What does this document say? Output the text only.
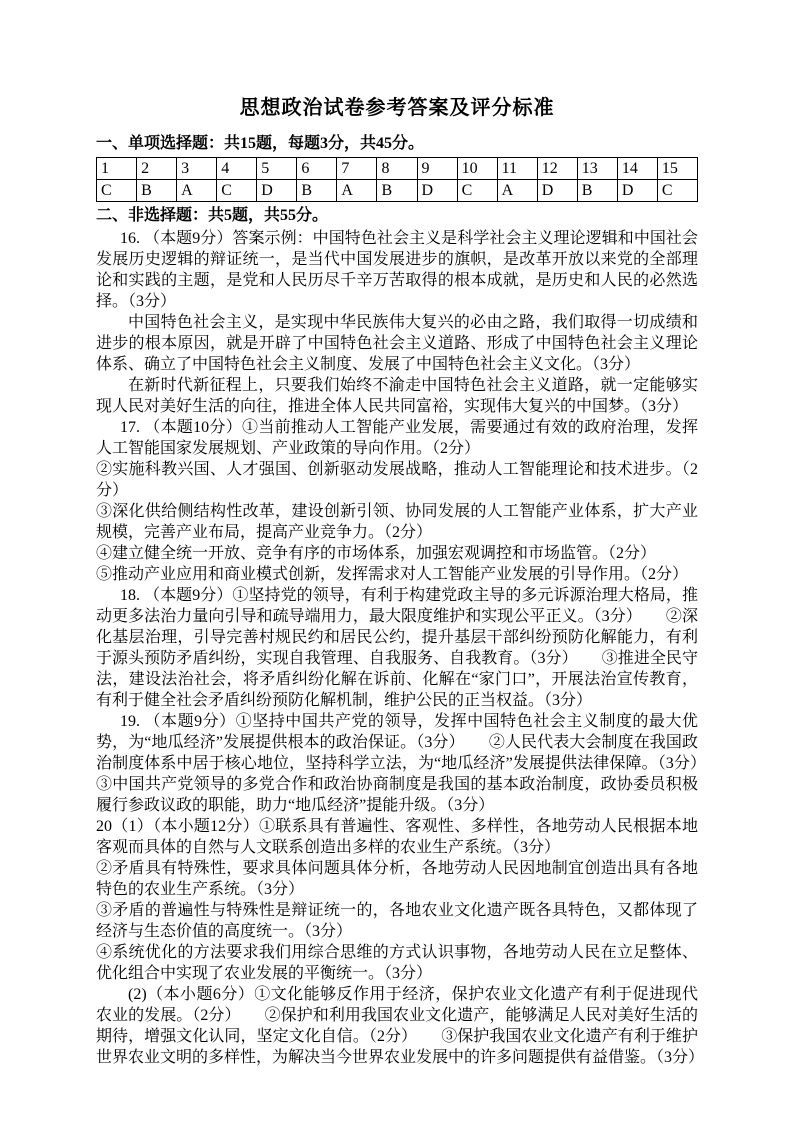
思想政治试卷参考答案及评分标准

一、单项选择题：共15题，每题3分，共45分。

1	2	3	4	5	6	7	8	9	10	11	12	13	14	15
C	B	A	C	D	B	A	B	D	C	A	D	B	D	C

二、非选择题：共5题，共55分。

16. （本题9分）答案示例：中国特色社会主义是科学社会主义理论逻辑和中国社会发展历史逻辑的辩证统一，是当代中国发展进步的旗帜，是改革开放以来党的全部理论和实践的主题，是党和人民历尽千辛万苦取得的根本成就，是历史和人民的必然选择。（3分）

中国特色社会主义，是实现中华民族伟大复兴的必由之路，我们取得一切成绩和进步的根本原因，就是开辟了中国特色社会主义道路、形成了中国特色社会主义理论体系、确立了中国特色社会主义制度、发展了中国特色社会主义文化。（3分）

在新时代新征程上，只要我们始终不渝走中国特色社会主义道路，就一定能够实现人民对美好生活的向往，推进全体人民共同富裕，实现伟大复兴的中国梦。（3分）

17. （本题10分）①当前推动人工智能产业发展，需要通过有效的政府治理，发挥人工智能国家发展规划、产业政策的导向作用。（2分）

②实施科教兴国、人才强国、创新驱动发展战略，推动人工智能理论和技术进步。（2分）

③深化供给侧结构性改革，建设创新引领、协同发展的人工智能产业体系，扩大产业规模，完善产业布局，提高产业竞争力。（2分）

④建立健全统一开放、竞争有序的市场体系，加强宏观调控和市场监管。（2分）

⑤推动产业应用和商业模式创新，发挥需求对人工智能产业发展的引导作用。（2分）

18. （本题9分）①坚持党的领导，有利于构建党政主导的多元诉源治理大格局，推动更多法治力量向引导和疏导端用力，最大限度维护和实现公平正义。（3分）　　②深化基层治理，引导完善村规民约和居民公约，提升基层干部纠纷预防化解能力，有利于源头预防矛盾纠纷，实现自我管理、自我服务、自我教育。（3分）　　③推进全民守法，建设法治社会，将矛盾纠纷化解在诉前、化解在“家门口”，开展法治宣传教育，有利于健全社会矛盾纠纷预防化解机制，维护公民的正当权益。（3分）

19. （本题9分）①坚持中国共产党的领导，发挥中国特色社会主义制度的最大优势，为“地瓜经济”发展提供根本的政治保证。（3分）　　②人民代表大会制度在我国政治制度体系中居于核心地位，坚持科学立法，为“地瓜经济”发展提供法律保障。（3分）　　③中国共产党领导的多党合作和政治协商制度是我国的基本政治制度，政协委员积极履行参政议政的职能，助力“地瓜经济”提能升级。（3分）

20（1）（本小题12分）①联系具有普遍性、客观性、多样性，各地劳动人民根据本地客观而具体的自然与人文联系创造出多样的农业生产系统。（3分）

②矛盾具有特殊性，要求具体问题具体分析，各地劳动人民因地制宜创造出具有各地特色的农业生产系统。（3分）

③矛盾的普遍性与特殊性是辩证统一的，各地农业文化遗产既各具特色，又都体现了经济与生态价值的高度统一。（3分）

④系统优化的方法要求我们用综合思维的方式认识事物，各地劳动人民在立足整体、优化组合中实现了农业发展的平衡统一。（3分）

(2)（本小题6分）①文化能够反作用于经济，保护农业文化遗产有利于促进现代农业的发展。（2分）　　②保护和利用我国农业文化遗产，能够满足人民对美好生活的期待，增强文化认同，坚定文化自信。（2分）　　③保护我国农业文化遗产有利于维护世界农业文明的多样性，为解决当今世界农业发展中的许多问题提供有益借鉴。（3分）
